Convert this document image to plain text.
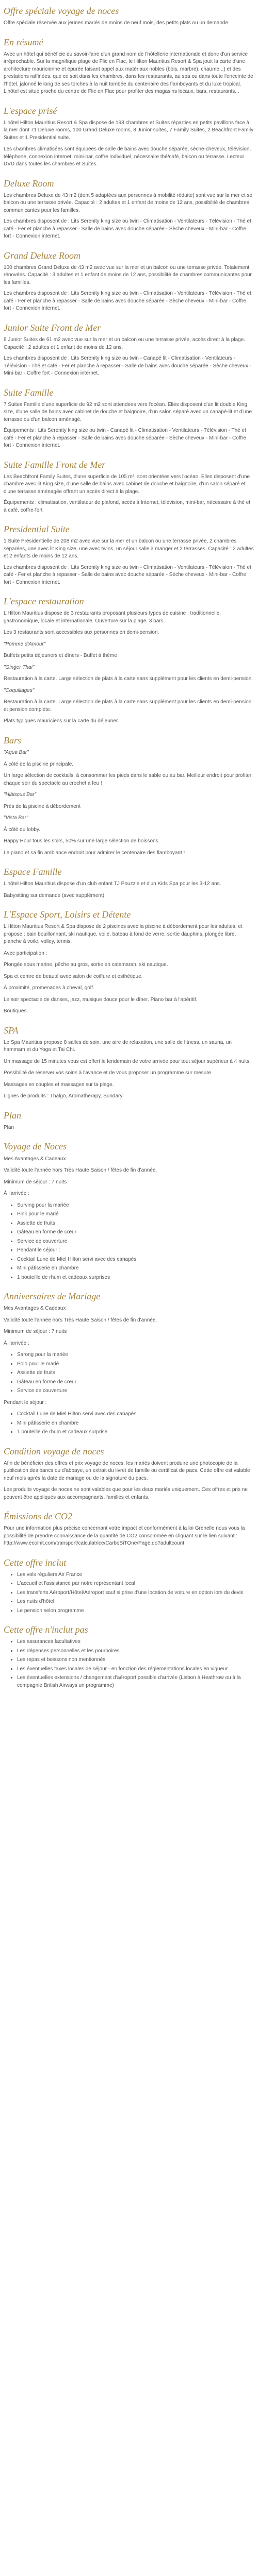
Offre spéciale voyage de noces

Offre spéciale réservée aux jeunes mariés de moins de neuf mois, des petits plats ou un demande.

En résumé

Avec un hôtel qui bénéficie du savoir-faire d'un grand nom de l'hôtellerie internationale et donc d'un service irréprochable. Sur la magnifique plage de Flic en Flac, le Hilton Mauritius Resort & Spa jouit la carte d'une architecture mauricienne et épurée faisant appel aux matériaux nobles (bois, marbre), chaume...) et des prestations raffinées, que ce soit dans les chambres, dans les restaurants, au spa ou dans toute l'enceinte de l'hôtel, jalonné le long de ses torches à la nuit tombée du centenaire des flamboyants et du luxe tropical. L'hôtel est situé proche du centre de Flic en Flac pour profiter des magasins locaux, bars, restaurants...

L'espace prisé

L'hôtel Hilton Mauritius Resort & Spa dispose de 193 chambres et Suites réparties en petits pavillons face à la mer dont 71 Deluxe rooms, 100 Grand Deluxe rooms, 8 Junior suites, 7 Family Suites, 2 Beachfront Family Suites et 1 Presidential suite.

Les chambres climatisées sont équipées de salle de bains avec douche séparée, sèche-cheveux, télévision, téléphone, connexion internet, mini-bar, coffre individuel, nécessaire thé/café, balcon ou terrasse. Lecteur DVD dans toutes les chambres et Suites.

Deluxe Room

Les chambres Deluxe de 43 m2 (dont 5 adaptées aux personnes à mobilité réduite) sont vue sur la mer et se balcon ou une terrasse privée. Capacité : 2 adultes et 1 enfant de moins de 12 ans, possibilité de chambres communicantes pour les familles.

Les chambres disposent de : Lits Serenity king size ou twin - Climatisation - Ventilateurs - Télévision - Thé et café - Fer et planche à repasser - Salle de bains avec douche séparée - Sèche cheveux - Mini-bar - Coffre fort - Connexion internet.

Grand Deluxe Room

100 chambres Grand Deluxe de 43 m2 avec vue sur la mer et un balcon ou une terrasse privée. Totalement rénovées. Capacité : 3 adultes et 1 enfant de moins de 12 ans, possibilité de chambres communicantes pour les familles.

Les chambres disposent de : Lits Serenity king size ou twin - Climatisation - Ventilateurs - Télévision - Thé et café - Fer et planche à repasser - Salle de bains avec douche séparée - Sèche cheveux - Mini-bar - Coffre fort - Connexion internet.

Junior Suite Front de Mer

8 Junior Suites de 61 m2 avec vue sur la mer et un balcon ou une terrasse privée, accès direct à la plage. Capacité : 2 adultes et 1 enfant de moins de 12 ans.

Les chambres disposent de : Lits Serenity king size ou twin - Canapé lit - Climatisation - Ventilateurs - Télévision - Thé et café - Fer et planche à repasser - Salle de bains avec douche séparée - Sèche cheveux - Mini-bar - Coffre fort - Connexion internet.

Suite Famille

7 Suites Famille d'une superficie de 92 m2 sont attendees vers l'océan. Elles disposent d'un lit double King size, d'une salle de bains avec cabinet de douche et baignoire, d'un salon séparé avec un canapé-lit et d'une terrasse ou d'un balcon aménagé.

Équipements : Lits Serenity king size ou twin - Canapé lit - Climatisation - Ventilateurs - Télévision - Thé et café - Fer et planche à repasser - Salle de bains avec douche séparée - Sèche cheveux - Mini-bar - Coffre fort - Connexion internet.

Suite Famille Front de Mer

Les Beachfront Family Suites, d'une superficie de 105 m², sont orientées vers l'océan. Elles disposent d'une chambre avec lit King size, d'une salle de bains avec cabinet de douche et baignoire, d'un salon séparé et d'une terrasse aménagée offrant un accès direct à la plage.

Équipements : climatisation, ventilateur de plafond, accès à Internet, télévision, mini-bar, nécessaire à thé et à café, coffre-fort

Presidential Suite

1 Suite Présidentielle de 208 m2 avec vue sur la mer et un balcon ou une terrasse privée, 2 chambres séparées, une avec lit King size, une avec twins, un séjour salle à manger et 2 terrasses. Capacité : 2 adultes et 2 enfants de moins de 12 ans.

Les chambres disposent de : Lits Serenity king size ou twin - Climatisation - Ventilateurs - Télévision - Thé et café - Fer et planche à repasser - Salle de bains avec douche séparée - Sèche cheveux - Mini-bar - Coffre fort - Connexion internet.

L'espace restauration

L'Hilton Mauritius dispose de 3 restaurants proposant plusieurs types de cuisine : traditionnelle, gastronomique, locale et internationale. Ouverture sur la plage. 3 bars.

Les 3 restaurants sont accessibles aux personnes en demi-pension.

"Pomme d'Amour"

Buffets petits déjeuners et dîners - Buffet à thème

"Ginger Thai"

Restauration à la carte. Large sélection de plats à la carte sans supplément pour les clients en demi-pension.

"Coquillages"

Restauration à la carte. Large sélection de plats à la carte sans supplément pour les clients en demi-pension et pension complète.

Plats typiques mauriciens sur la carte du déjeuner.

Bars

"Aqua Bar"

À côté de la piscine principale.

Un large sélection de cocktails, à consommer les pieds dans le sable ou au bar. Meilleur endroit pour profiter chaque soir du spectacle au crochet a feu !

"Hibiscus Bar"

Près de la piscine à débordement

"Vista Bar"

À côté du lobby.

Happy Hour tous les soirs, 50% sur une large sélection de boissons.

Le piano et sa fin ambiance endroit pour admirer le centenaire des flamboyant !

Espace Famille

L'hôtel Hilton Mauritius dispose d'un club enfant TJ Pouzzle et d'un Kids Spa pour les 3-12 ans.

Babysitting sur demande (avec supplément).

L'Espace Sport, Loisirs et Détente

L'Hilton Mauritius Resort & Spa dispose de 2 piscines avec la piscine à débordement pour les adultes, et propose : bain bouillonnant, ski nautique, voile, bateau à fond de verre, sortie dauphins, plongée libre, planche à voile, volley, tennis.

Avec participation :

Plongée sous marine, pêche au gros, sortie en catamaran, ski nautique.

Spa et centre de beauté avec salon de coiffure et esthétique.

À proximité, promenades à cheval, golf.

Le soir spectacle de danses, jazz, musique douce pour le dîner. Piano bar à l'apéritif.

Boutiques.

SPA

Le Spa Mauritius propose 8 salles de soin, une aire de relaxation, une salle de fitness, un sauna, un hammam et du Yoga et Tai Chi.

Un massage de 15 minutes vous est offert le lendemain de votre arrivée pour tout séjour supérieur à 4 nuits.

Possibilité de réserver vos soins à l'avance et de vous proposer un programme sur mesure.

Massages en couples et massages sur la plage.

Lignes de produits : Thalgo, Aromatherapy, Sundary.

Plan

Plan

Voyage de Noces

Mes Avantages & Cadeaux

Validité toute l'année hors Très Haute Saison / fêtes de fin d'année.

Minimum de séjour : 7 nuits

À l'arrivée :

• Surving pour la mariée
• Pink pour le marié
• Assiette de fruits
• Gâteau en forme de cœur
• Service de couverture
• Pendant le séjour :
• Cocktail Lune de Miel Hilton servi avec des canapés
• Mini pâtisserie en chambre
• 1 bouteille de rhum et cadeaux surprises
Anniversaires de Mariage

Mes Avantages & Cadeaux

Validité toute l'année hors Très Haute Saison / fêtes de fin d'année.

Minimum de séjour : 7 nuits

À l'arrivée :

• Sarong pour la mariée
• Polo pour le marié
• Assiette de fruits
• Gâteau en forme de cœur
• Service de couverture

Pendant le séjour :

• Cocktail Lune de Miel Hilton servi avec des canapés
• Mini pâtisserie en chambre
• 1 bouteille de rhum et cadeaux surprise
Condition voyage de noces

Afin de bénéficier des offres et prix voyage de noces, les mariés doivent produire une photocopie de la publication des bancs ou d'abbaye, un extrait du livret de famille ou certificat de pacs. Cette offre est valable neuf mois après la date de mariage ou de la signature du pacs.

Les produits voyage de noces ne sont valables que pour les deux mariés uniquement. Ces offres et prix ne peuvent être appliqués aux accompagnants, familles et enfants.

Émissions de CO2

Pour une information plus précise concernant votre impact et conformément à la loi Grenelle nous vous la possibilité de prendre connaissance de la quantité de CO2 consommée en cliquant sur le lien suivant : http://www.ecoinit.com/transport/calculatrice/CarboSiTOne/Page.do?adultcount

Cette offre inclut
• Les vols réguliers Air France
• L'accueil et l'assistance par notre représentant local
• Les transferts Aéroport/Hôtel/Aéroport sauf si prise d'une location de voiture en option lors du devis
• Les nuits d'hôtel
• Le pension selon programme
Cette offre n'inclut pas
• Les assurances facultatives
• Les dépenses personnelles et les pourboires
• Les repas et boissons non mentionnés
• Les éventuelles taxes locales de séjour - en fonction des réglementations locales en vigueur
• Les éventuelles extensions / changement d'aéroport possible d'arrivée (Lisbon à Heathrow ou à la compagnie British Airways un programme)
